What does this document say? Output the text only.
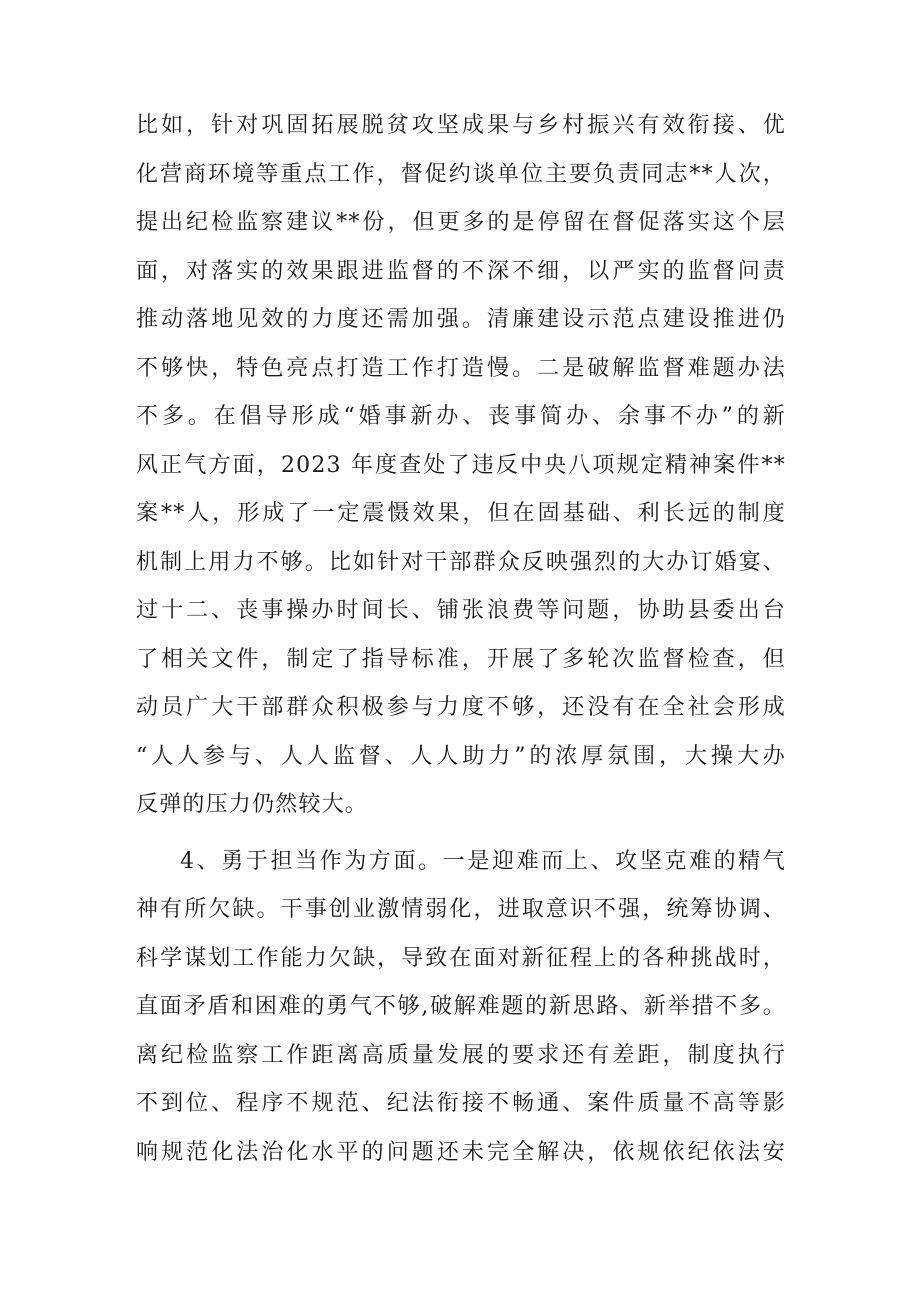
比如，针对巩固拓展脱贫攻坚成果与乡村振兴有效衔接、优
化营商环境等重点工作，督促约谈单位主要负责同志**人次，
提出纪检监察建议**份，但更多的是停留在督促落实这个层
面，对落实的效果跟进监督的不深不细，以严实的监督问责
推动落地见效的力度还需加强。清廉建设示范点建设推进仍
不够快，特色亮点打造工作打造慢。二是破解监督难题办法
不多。在倡导形成“婚事新办、丧事简办、余事不办”的新
风正气方面，2023 年度查处了违反中央八项规定精神案件**
案**人，形成了一定震慑效果，但在固基础、利长远的制度
机制上用力不够。比如针对干部群众反映强烈的大办订婚宴、
过十二、丧事操办时间长、铺张浪费等问题，协助县委出台
了相关文件，制定了指导标准，开展了多轮次监督检查，但
动员广大干部群众积极参与力度不够，还没有在全社会形成
“人人参与、人人监督、人人助力”的浓厚氛围，大操大办
反弹的压力仍然较大。
4、勇于担当作为方面。一是迎难而上、攻坚克难的精气
神有所欠缺。干事创业激情弱化，进取意识不强，统筹协调、
科学谋划工作能力欠缺，导致在面对新征程上的各种挑战时，
直面矛盾和困难的勇气不够,破解难题的新思路、新举措不多。
离纪检监察工作距离高质量发展的要求还有差距，制度执行
不到位、程序不规范、纪法衔接不畅通、案件质量不高等影
响规范化法治化水平的问题还未完全解决，依规依纪依法安
